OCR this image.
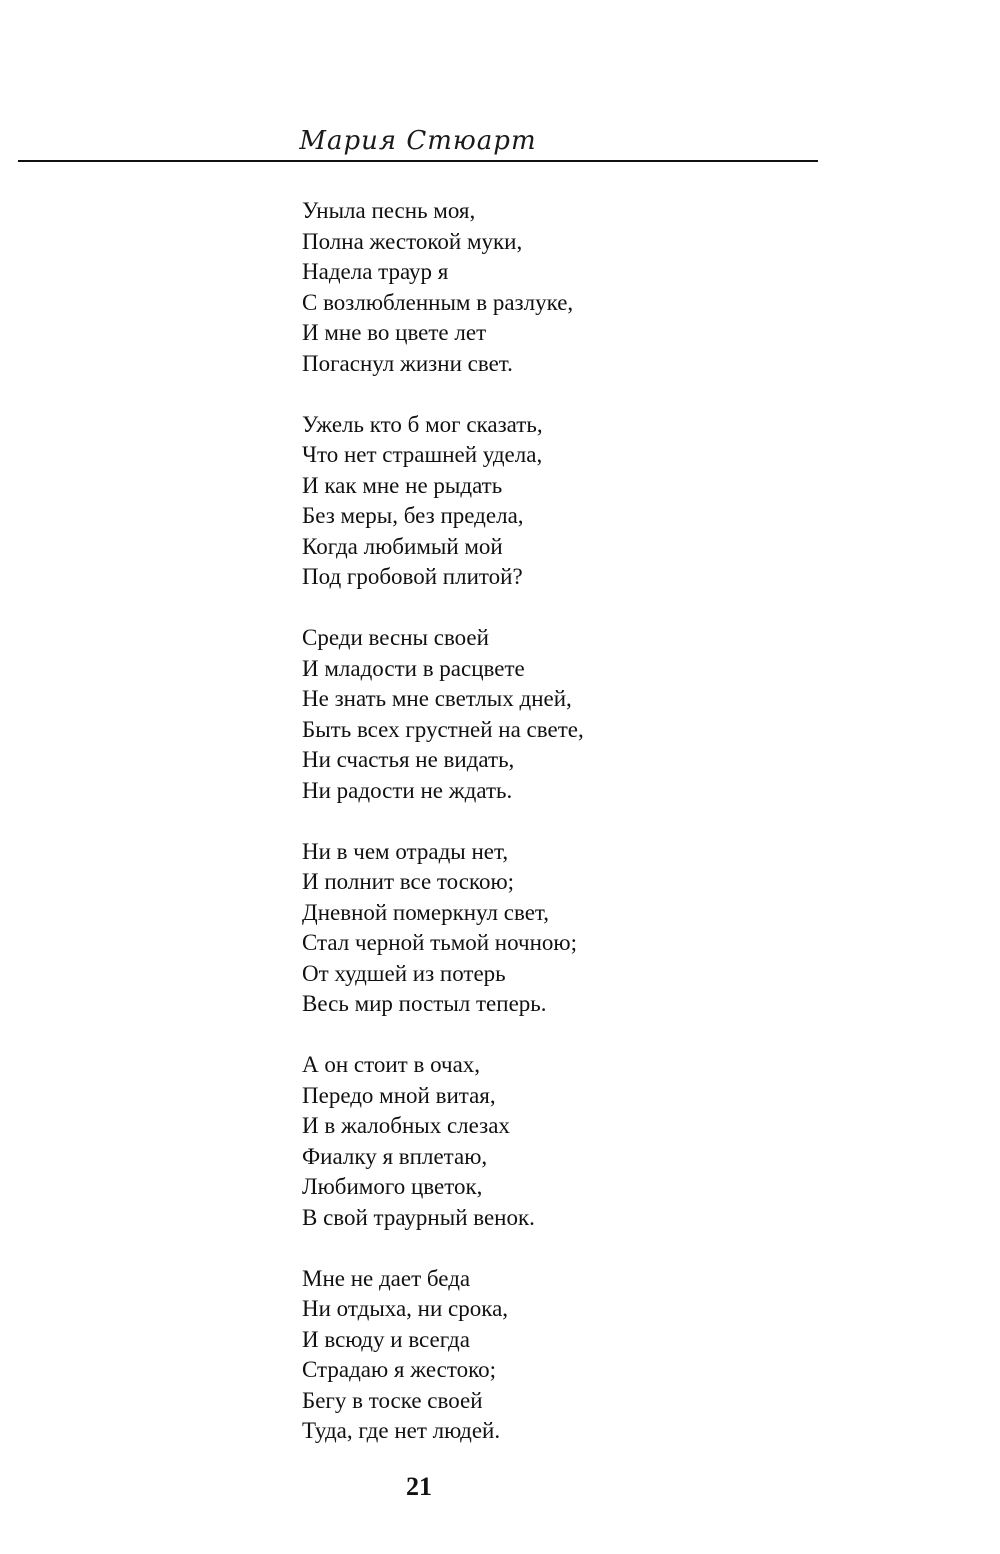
Мария Стюарт
Уныла песнь моя,
Полна жестокой муки,
Надела траур я
С возлюбленным в разлуке,
И мне во цвете лет
Погаснул жизни свет.
Ужель кто б мог сказать,
Что нет страшней удела,
И как мне не рыдать
Без меры, без предела,
Когда любимый мой
Под гробовой плитой?
Среди весны своей
И младости в расцвете
Не знать мне светлых дней,
Быть всех грустней на свете,
Ни счастья не видать,
Ни радости не ждать.
Ни в чем отрады нет,
И полнит все тоскою;
Дневной померкнул свет,
Стал черной тьмой ночною;
От худшей из потерь
Весь мир постыл теперь.
А он стоит в очах,
Передо мной витая,
И в жалобных слезах
Фиалку я вплетаю,
Любимого цветок,
В свой траурный венок.
Мне не дает беда
Ни отдыха, ни срока,
И всюду и всегда
Страдаю я жестоко;
Бегу в тоске своей
Туда, где нет людей.
21
